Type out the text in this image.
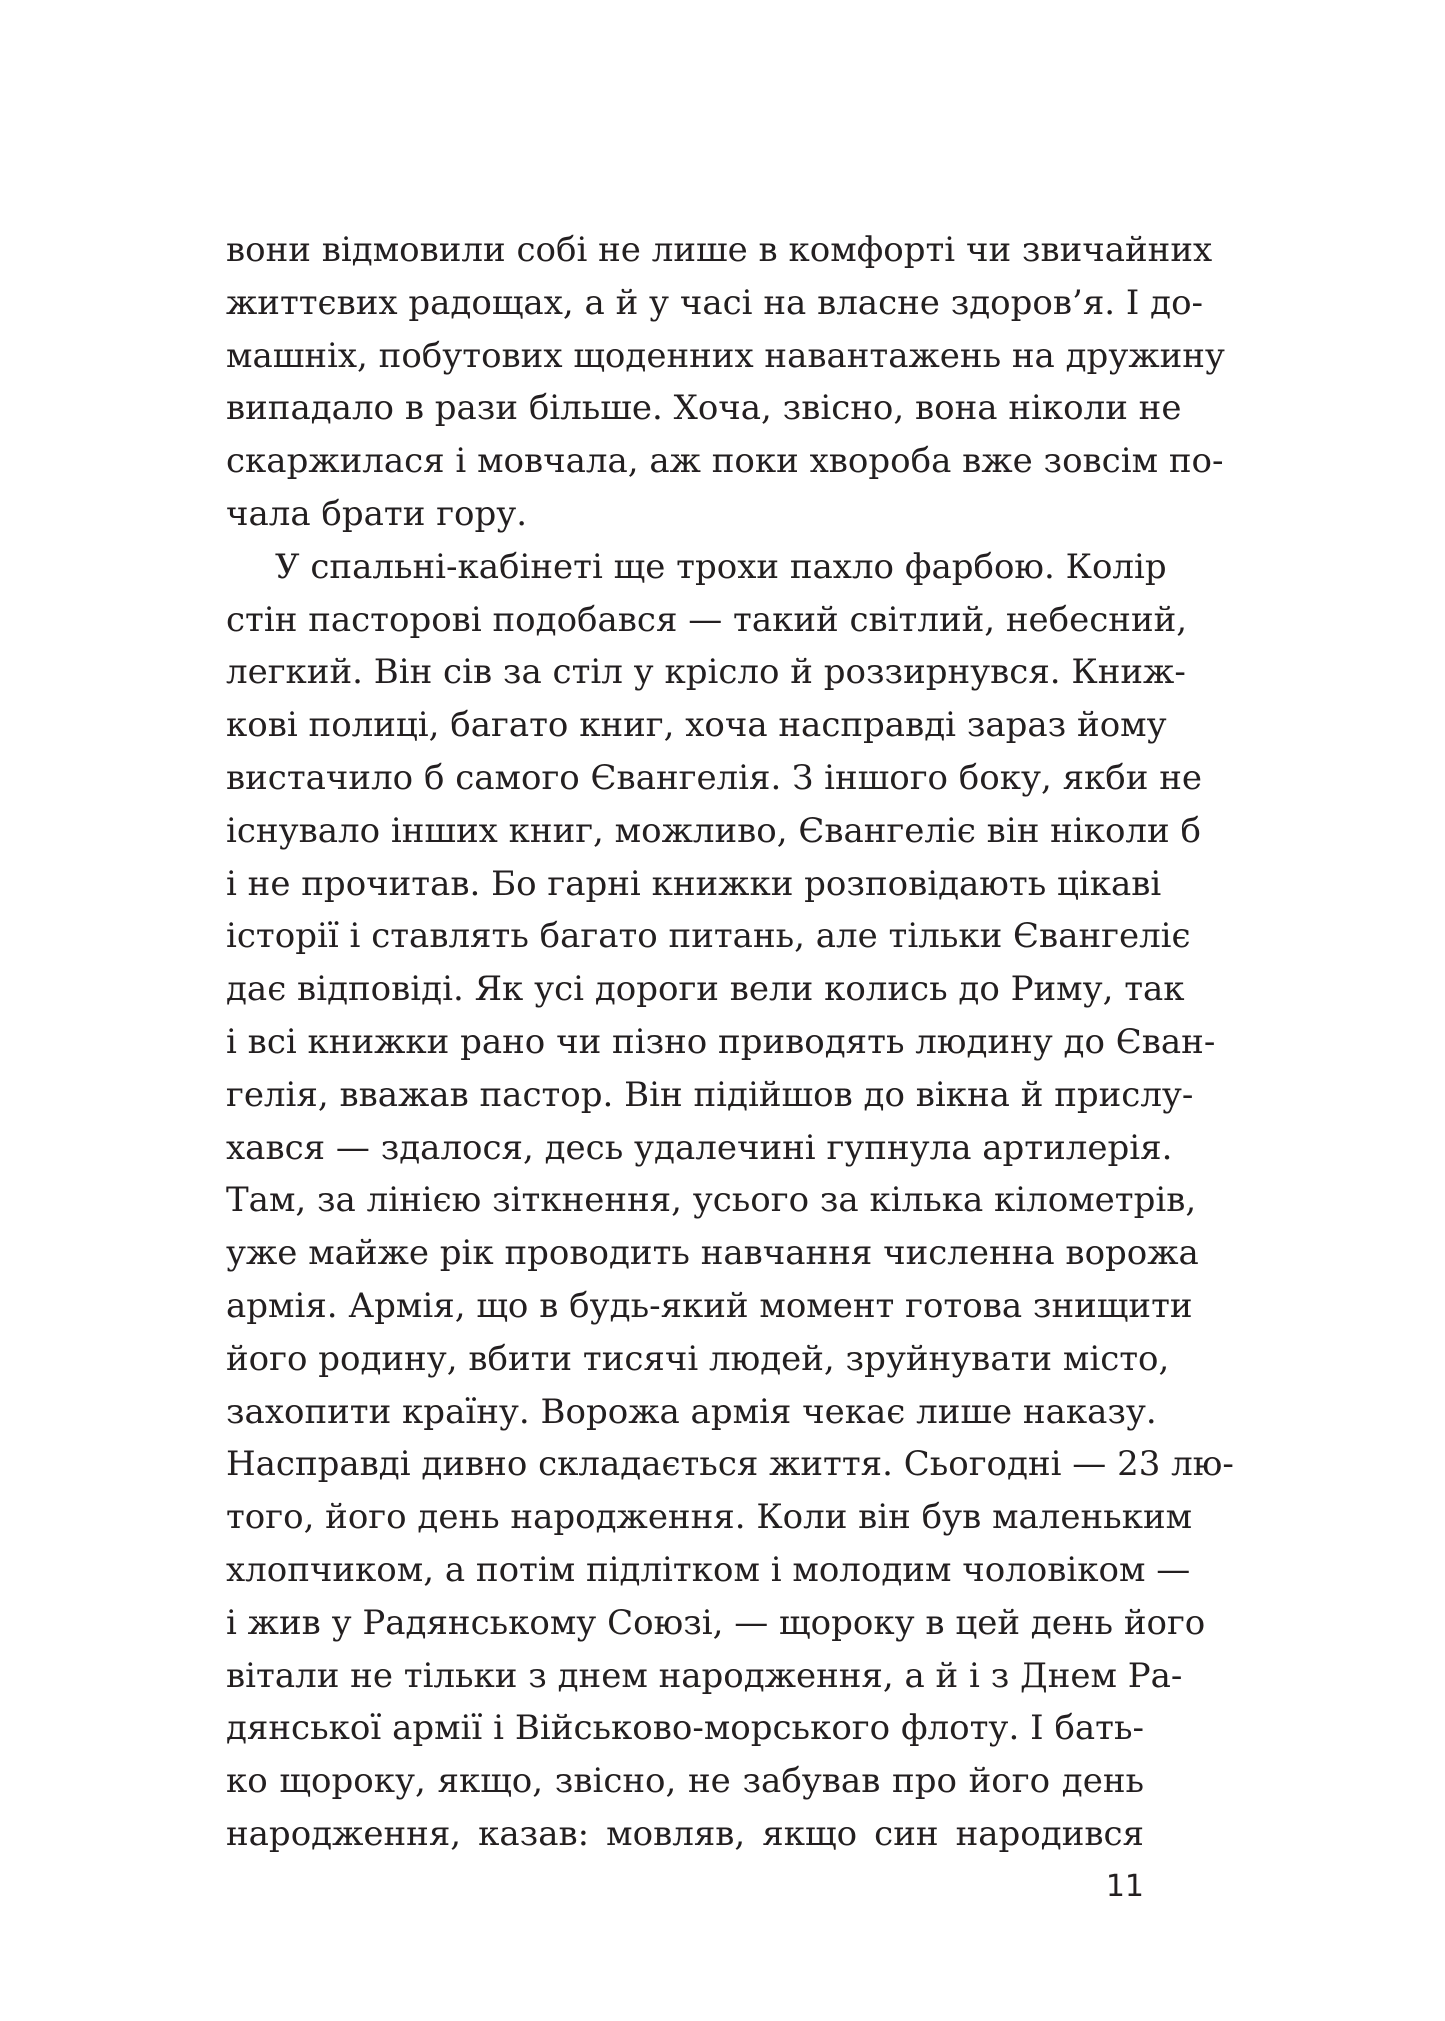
вони відмовили собі не лише в комфорті чи звичайних
життєвих радощах, а й у часі на власне здоров’я. І до-
машніх, побутових щоденних навантажень на дружину
випадало в рази більше. Хоча, звісно, вона ніколи не
скаржилася і мовчала, аж поки хвороба вже зовсім по-
чала брати гору.
У спальні-кабінеті ще трохи пахло фарбою. Колір
стін пасторові подобався — такий світлий, небесний,
легкий. Він сів за стіл у крісло й роззирнувся. Книж-
кові полиці, багато книг, хоча насправді зараз йому
вистачило б самого Євангелія. З іншого боку, якби не
існувало інших книг, можливо, Євангеліє він ніколи б
і не прочитав. Бо гарні книжки розповідають цікаві
історії і ставлять багато питань, але тільки Євангеліє
дає відповіді. Як усі дороги вели колись до Риму, так
і всі книжки рано чи пізно приводять людину до Єван-
гелія, вважав пастор. Він підійшов до вікна й прислу-
хався — здалося, десь удалечині гупнула артилерія.
Там, за лінією зіткнення, усього за кілька кілометрів,
уже майже рік проводить навчання численна ворожа
армія. Армія, що в будь-який момент готова знищити
його родину, вбити тисячі людей, зруйнувати місто,
захопити країну. Ворожа армія чекає лише наказу.
Насправді дивно складається життя. Сьогодні — 23 лю-
того, його день народження. Коли він був маленьким
хлопчиком, а потім підлітком і молодим чоловіком —
і жив у Радянському Союзі, — щороку в цей день його
вітали не тільки з днем народження, а й і з Днем Ра-
дянської армії і Військово-морського флоту. І бать-
ко щороку, якщо, звісно, не забував про його день
народження, казав: мовляв, якщо син народився
11
